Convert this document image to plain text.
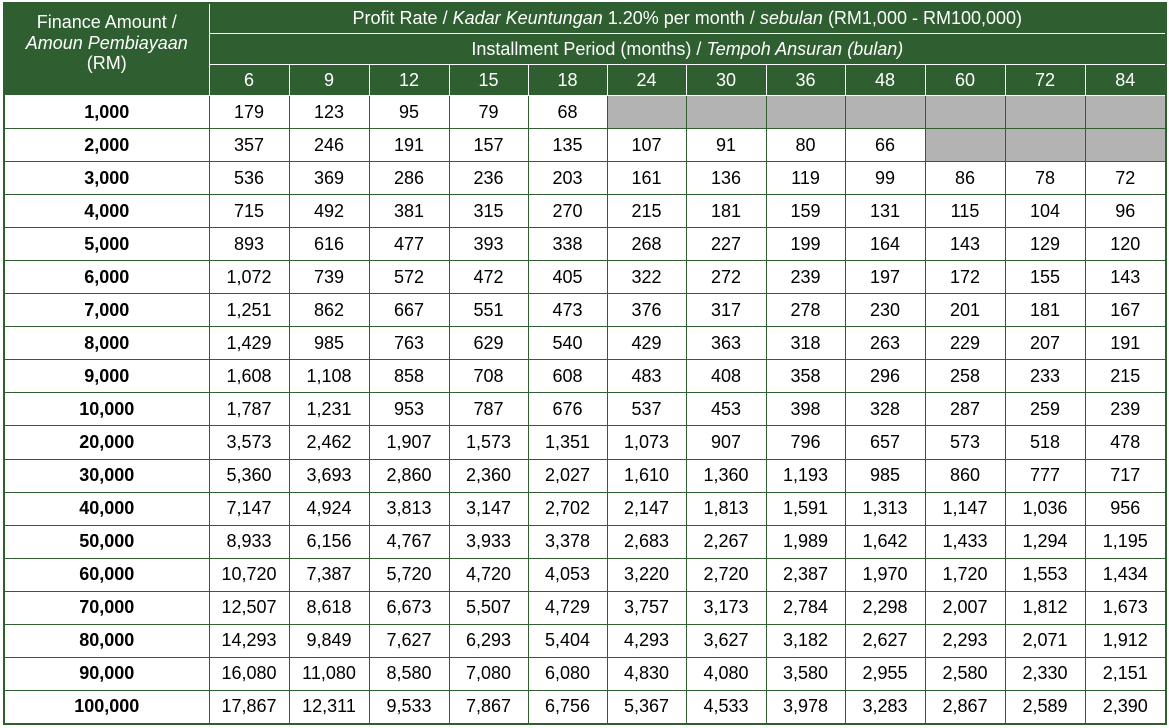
Finance Amount /
Amoun Pembiayaan
(RM)	Profit Rate / Kadar Keuntungan 1.20% per month / sebulan (RM1,000 - RM100,000)											
	Installment Period (months) / Tempoh Ansuran (bulan)											
	6	9	12	15	18	24	30	36	48	60	72	84
1,000	179	123	95	79	68							
2,000	357	246	191	157	135	107	91	80	66			
3,000	536	369	286	236	203	161	136	119	99	86	78	72
4,000	715	492	381	315	270	215	181	159	131	115	104	96
5,000	893	616	477	393	338	268	227	199	164	143	129	120
6,000	1,072	739	572	472	405	322	272	239	197	172	155	143
7,000	1,251	862	667	551	473	376	317	278	230	201	181	167
8,000	1,429	985	763	629	540	429	363	318	263	229	207	191
9,000	1,608	1,108	858	708	608	483	408	358	296	258	233	215
10,000	1,787	1,231	953	787	676	537	453	398	328	287	259	239
20,000	3,573	2,462	1,907	1,573	1,351	1,073	907	796	657	573	518	478
30,000	5,360	3,693	2,860	2,360	2,027	1,610	1,360	1,193	985	860	777	717
40,000	7,147	4,924	3,813	3,147	2,702	2,147	1,813	1,591	1,313	1,147	1,036	956
50,000	8,933	6,156	4,767	3,933	3,378	2,683	2,267	1,989	1,642	1,433	1,294	1,195
60,000	10,720	7,387	5,720	4,720	4,053	3,220	2,720	2,387	1,970	1,720	1,553	1,434
70,000	12,507	8,618	6,673	5,507	4,729	3,757	3,173	2,784	2,298	2,007	1,812	1,673
80,000	14,293	9,849	7,627	6,293	5,404	4,293	3,627	3,182	2,627	2,293	2,071	1,912
90,000	16,080	11,080	8,580	7,080	6,080	4,830	4,080	3,580	2,955	2,580	2,330	2,151
100,000	17,867	12,311	9,533	7,867	6,756	5,367	4,533	3,978	3,283	2,867	2,589	2,390
